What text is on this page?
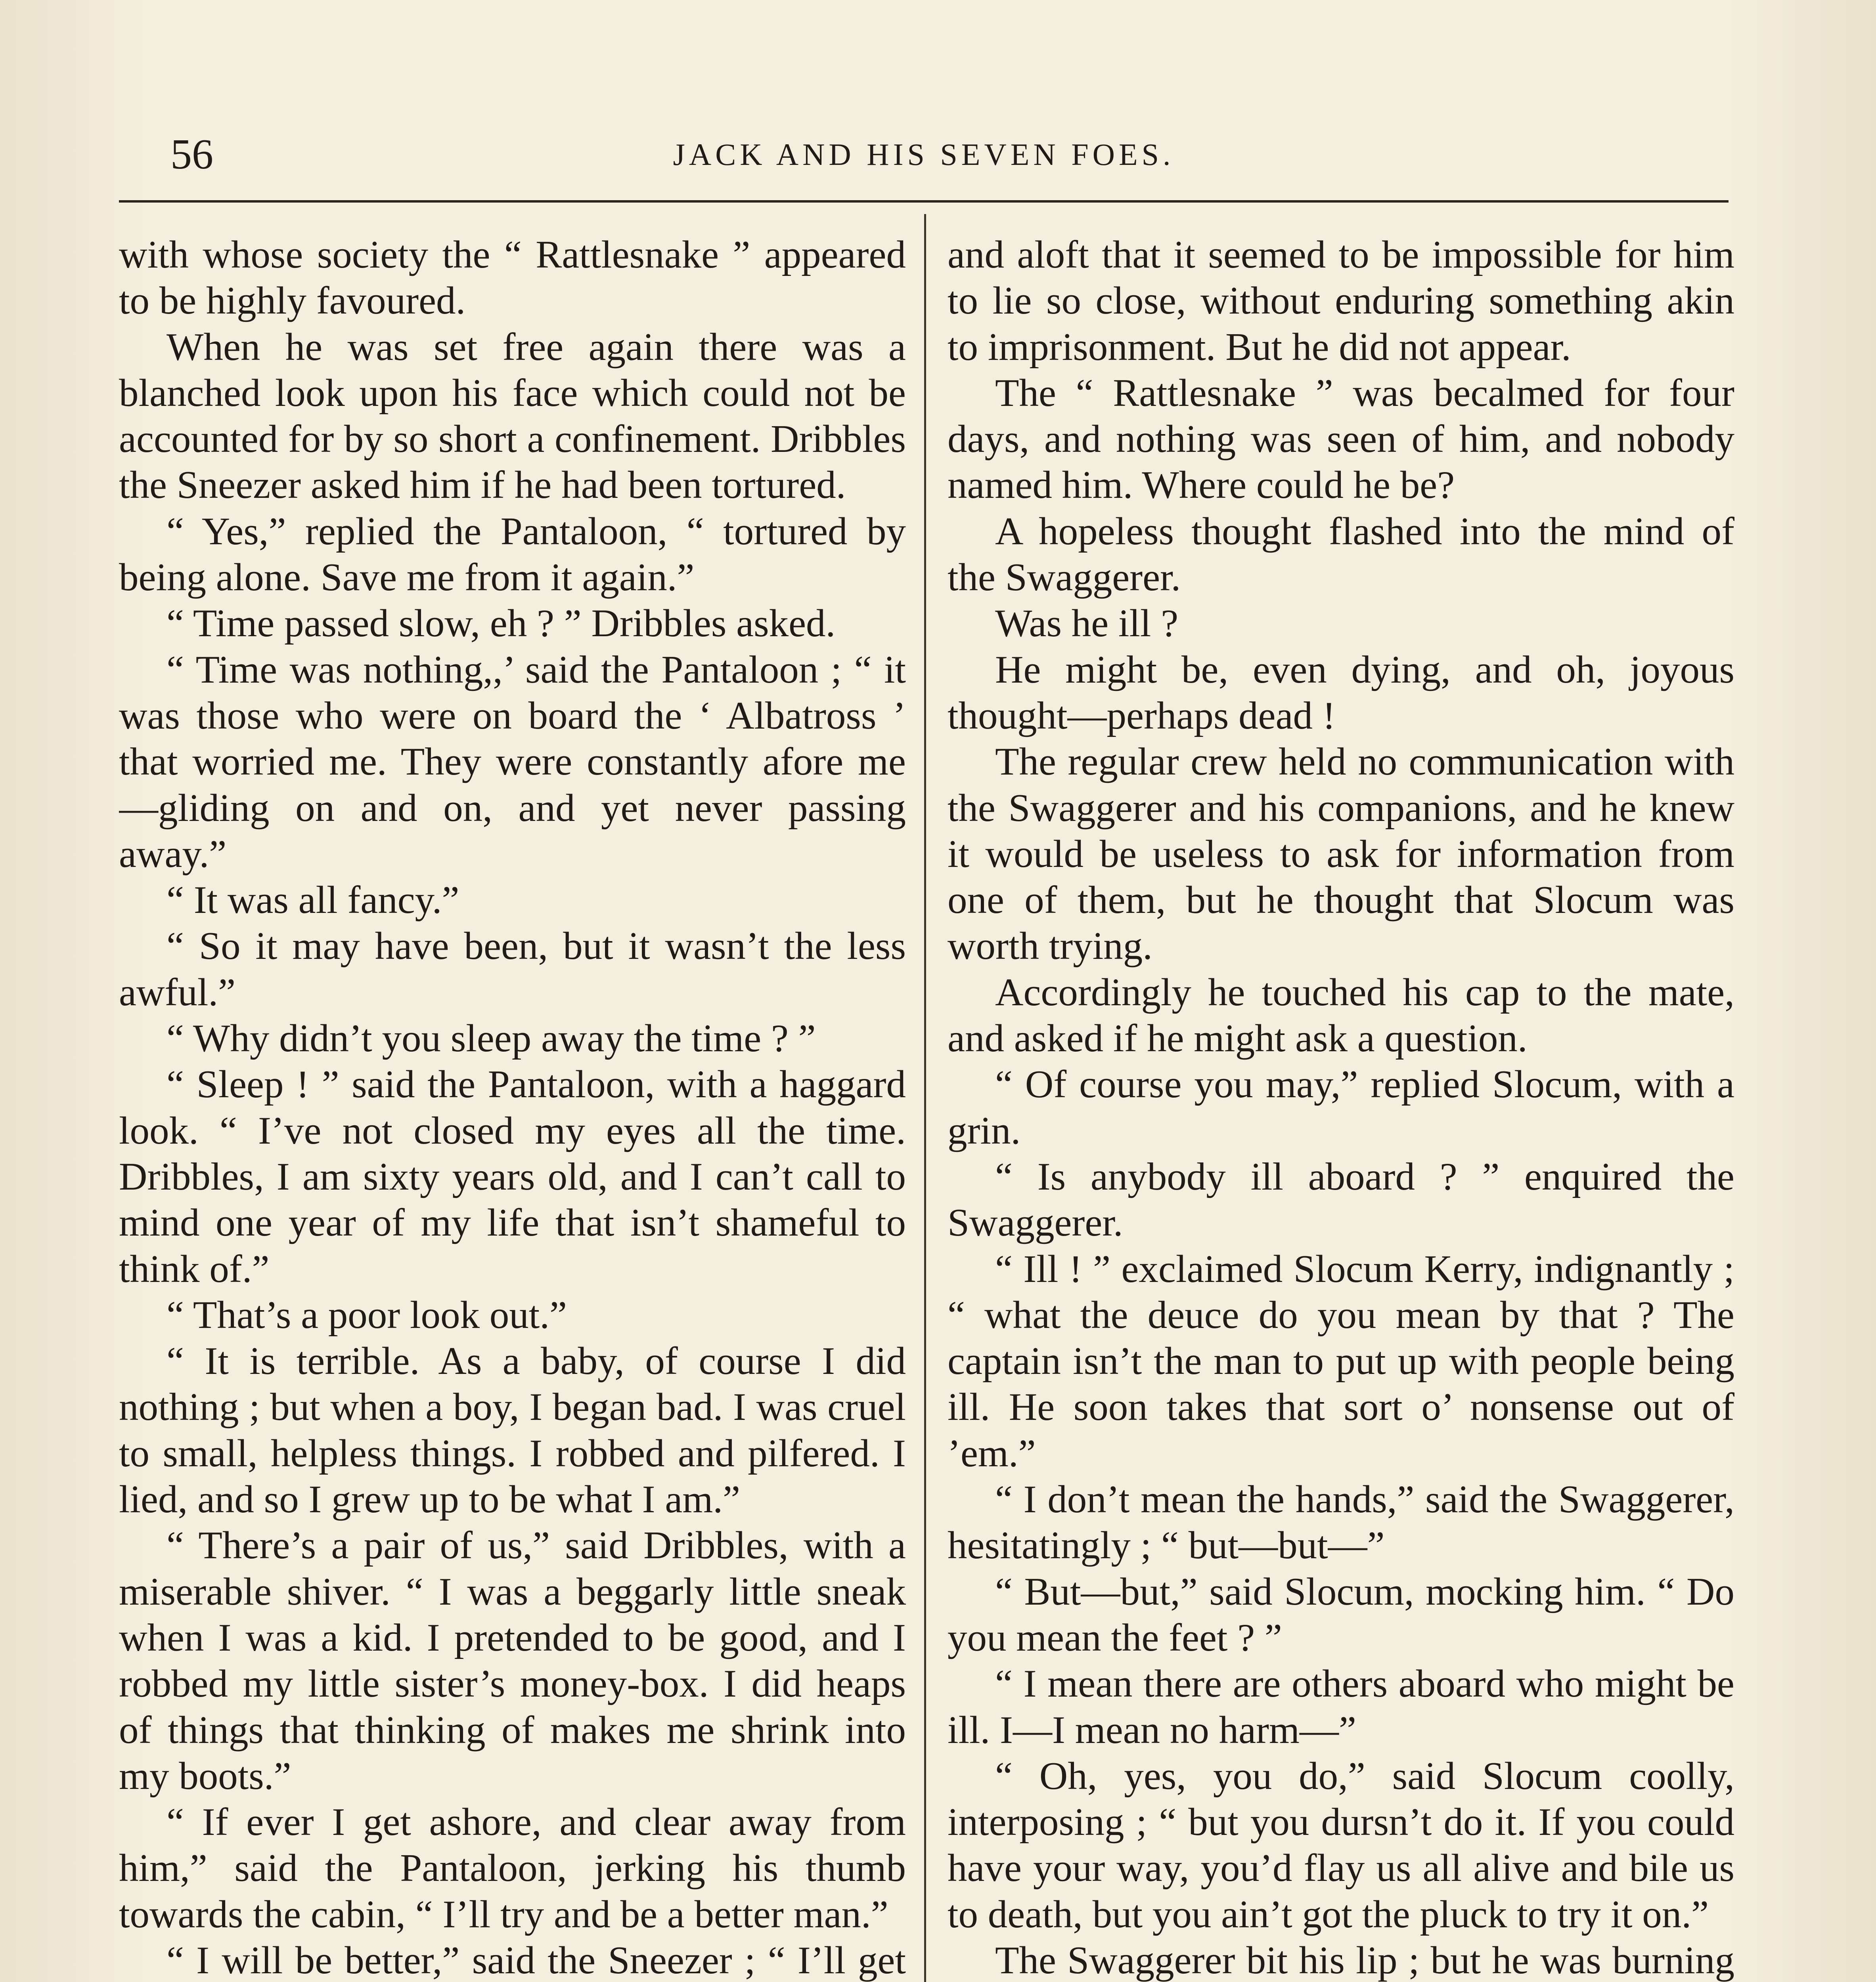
56	JACK AND HIS SEVEN FOES.

with whose society the “ Rattlesnake ” appeared to be highly favoured.

When he was set free again there was a blanched look upon his face which could not be accounted for by so short a confinement. Dribbles the Sneezer asked him if he had been tortured.

“ Yes,” replied the Pantaloon, “ tortured by being alone. Save me from it again.”

“ Time passed slow, eh ? ” Dribbles asked.

“ Time was nothing,,’ said the Pantaloon ; “ it was those who were on board the ‘ Albatross ’ that worried me. They were constantly afore me—gliding on and on, and yet never passing away.”

“ It was all fancy.”

“ So it may have been, but it wasn’t the less awful.”

“ Why didn’t you sleep away the time ? ”

“ Sleep ! ” said the Pantaloon, with a haggard look. “ I’ve not closed my eyes all the time. Dribbles, I am sixty years old, and I can’t call to mind one year of my life that isn’t shameful to think of.”

“ That’s a poor look out.”

“ It is terrible. As a baby, of course I did nothing ; but when a boy, I began bad. I was cruel to small, helpless things. I robbed and pilfered. I lied, and so I grew up to be what I am.”

“ There’s a pair of us,” said Dribbles, with a miserable shiver. “ I was a beggarly little sneak when I was a kid. I pretended to be good, and I robbed my little sister’s money-box. I did heaps of things that thinking of makes me shrink into my boots.”

“ If ever I get ashore, and clear away from him,” said the Pantaloon, jerking his thumb towards the cabin, “ I’ll try and be a better man.”

“ I will be better,” said the Sneezer ; “ I’ll get

and aloft that it seemed to be impossible for him to lie so close, without enduring something akin to imprisonment. But he did not appear.

The “ Rattlesnake ” was becalmed for four days, and nothing was seen of him, and nobody named him. Where could he be?

A hopeless thought flashed into the mind of the Swaggerer.

Was he ill ?

He might be, even dying, and oh, joyous thought—perhaps dead !

The regular crew held no communication with the Swaggerer and his companions, and he knew it would be useless to ask for information from one of them, but he thought that Slocum was worth trying.

Accordingly he touched his cap to the mate, and asked if he might ask a question.

“ Of course you may,” replied Slocum, with a grin.

“ Is anybody ill aboard ? ” enquired the Swaggerer.

“ Ill ! ” exclaimed Slocum Kerry, indignantly ; “ what the deuce do you mean by that ? The captain isn’t the man to put up with people being ill. He soon takes that sort o’ nonsense out of ’em.”

“ I don’t mean the hands,” said the Swaggerer, hesitatingly ; “ but—but—”

“ But—but,” said Slocum, mocking him. “ Do you mean the feet ? ”

“ I mean there are others aboard who might be ill. I—I mean no harm—”

“ Oh, yes, you do,” said Slocum coolly, interposing ; “ but you dursn’t do it. If you could have your way, you’d flay us all alive and bile us to death, but you ain’t got the pluck to try it on.”

The Swaggerer bit his lip ; but he was burning
